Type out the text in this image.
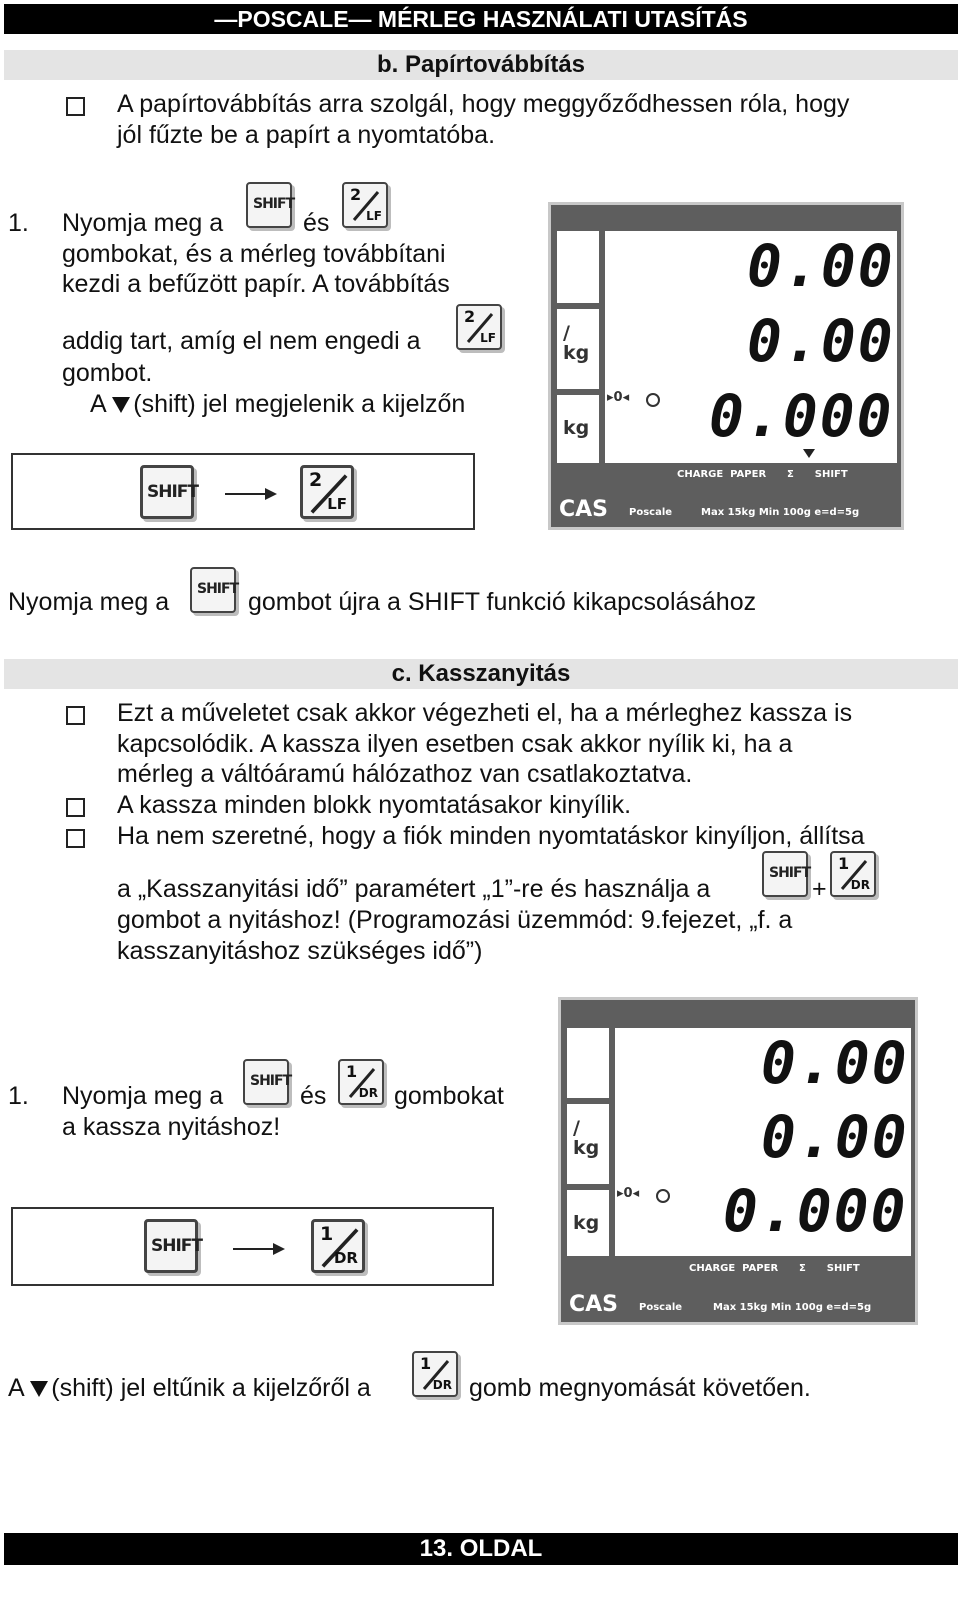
—POSCALE— MÉRLEG HASZNÁLATI UTASÍTÁS
b. Papírtovábbítás
A papírtovábbítás arra szolgál, hogy meggyőződhessen róla, hogy
jól fűzte be a papírt a nyomtatóba.
1. Nyomja meg a
SHIFT
és
2
LF
gombokat, és a mérleg továbbítani
kezdi a befűzött papír. A továbbítás
addig tart, amíg el nem engedi a
2
LF
gombot.
A (shift) jel megjelenik a kijelzőn
SHIFT
2
LF
/
kg
kg
▸0◂
0.00
0.00
0.000
CHARGE  PAPER      Σ      SHIFT
CAS Poscale	Max 15kg Min 100g e=d=5g
Nyomja meg a SHIFT gombot újra a SHIFT funkció kikapcsolásához
c. Kasszanyitás
Ezt a műveletet csak akkor végezheti el, ha a mérleghez kassza is
kapcsolódik. A kassza ilyen esetben csak akkor nyílik ki, ha a
mérleg a váltóáramú hálózathoz van csatlakoztatva.
A kassza minden blokk nyomtatásakor kinyílik.
Ha nem szeretné, hogy a fiók minden nyomtatáskor kinyíljon, állítsa
a „Kasszanyitási idő” paramétert „1”-re és használja a
SHIFT
+
1
DR
gombot a nyitáshoz! (Programozási üzemmód: 9.fejezet, „f. a
kasszanyitáshoz szükséges idő”)
1. Nyomja meg a
SHIFT
és
1
DR gombokat
a kassza nyitáshoz!
SHIFT
1
DR
/
kg
kg
▸0◂
0.00
0.00
0.000
CHARGE  PAPER      Σ      SHIFT
CAS Poscale	Max 15kg Min 100g e=d=5g
A (shift) jel eltűnik a kijelzőről a
1
DR gomb megnyomását követően.
13. OLDAL
